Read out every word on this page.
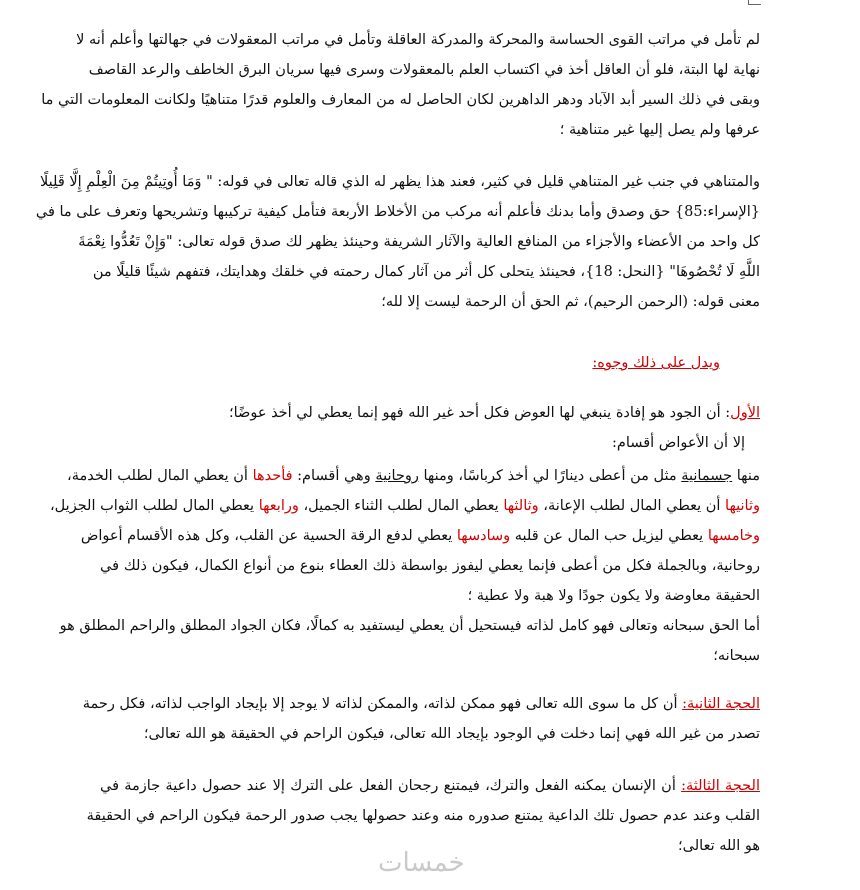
لم تأمل في مراتب القوى الحساسة والمحركة والمدركة العاقلة وتأمل في مراتب المعقولات في جهالتها وأعلم أنه لا
نهاية لها البتة، فلو أن العاقل أخذ في اكتساب العلم بالمعقولات وسرى فيها سريان البرق الخاطف والرعد القاصف
وبقى في ذلك السير أبد الآباد ودهر الداهرين لكان الحاصل له من المعارف والعلوم قدرًا متناهيًا ولكانت المعلومات التي ما
عرفها ولم يصل إليها غير متناهية ؛
والمتناهي في جنب غير المتناهي قليل في كثير، فعند هذا يظهر له الذي قاله تعالى في قوله: " وَمَا أُوتِيتُمْ مِنَ الْعِلْمِ إِلَّا قَلِيلًا
{الإسراء:85} حق وصدق وأما بدنك فأعلم أنه مركب من الأخلاط الأربعة فتأمل كيفية تركيبها وتشريحها وتعرف على ما في
كل واحد من الأعضاء والأجزاء من المنافع العالية والآثار الشريفة وحينئذ يظهر لك صدق قوله تعالى: "وَإِنْ تَعُدُّوا نِعْمَةَ
اللَّهِ لَا تُحْصُوهَا" {النحل: 18}، فحينئذ يتحلى كل أثر من آثار كمال رحمته في خلقك وهدايتك، فتفهم شيئًا قليلًا من
معنى قوله: (الرحمن الرحيم)، ثم الحق أن الرحمة ليست إلا لله؛
ويدل على ذلك وجوه:
الأول: أن الجود هو إفادة ينبغي لها العوض فكل أحد غير الله فهو إنما يعطي لي أخذ عوضًا؛
إلا أن الأعواض أقسام:
منها جسمانية مثل من أعطى دينارًا لي أخذ كرباسًا، ومنها روحانية وهي أقسام: فأحدها أن يعطي المال لطلب الخدمة،
وثانيها أن يعطي المال لطلب الإعانة، وثالثها يعطي المال لطلب الثناء الجميل، ورابعها يعطي المال لطلب الثواب الجزيل،
وخامسها يعطي ليزيل حب المال عن قلبه وسادسها يعطي لدفع الرقة الحسية عن القلب، وكل هذه الأقسام أعواض
روحانية، وبالجملة فكل من أعطى فإنما يعطي ليفوز بواسطة ذلك العطاء بنوع من أنواع الكمال، فيكون ذلك في
الحقيقة معاوضة ولا يكون جودًا ولا هبة ولا عطية ؛
أما الحق سبحانه وتعالى فهو كامل لذاته فيستحيل أن يعطي ليستفيد به كمالًا، فكان الجواد المطلق والراحم المطلق هو
سبحانه؛
الحجة الثانية: أن كل ما سوى الله تعالى فهو ممكن لذاته، والممكن لذاته لا يوجد إلا بإيجاد الواجب لذاته، فكل رحمة
تصدر من غير الله فهي إنما دخلت في الوجود بإيجاد الله تعالى، فيكون الراحم في الحقيقة هو الله تعالى؛
الحجة الثالثة: أن الإنسان يمكنه الفعل والترك، فيمتنع رجحان الفعل على الترك إلا عند حصول داعية جازمة في
القلب وعند عدم حصول تلك الداعية يمتنع صدوره منه وعند حصولها يجب صدور الرحمة فيكون الراحم في الحقيقة
هو الله تعالى؛
خمسات
